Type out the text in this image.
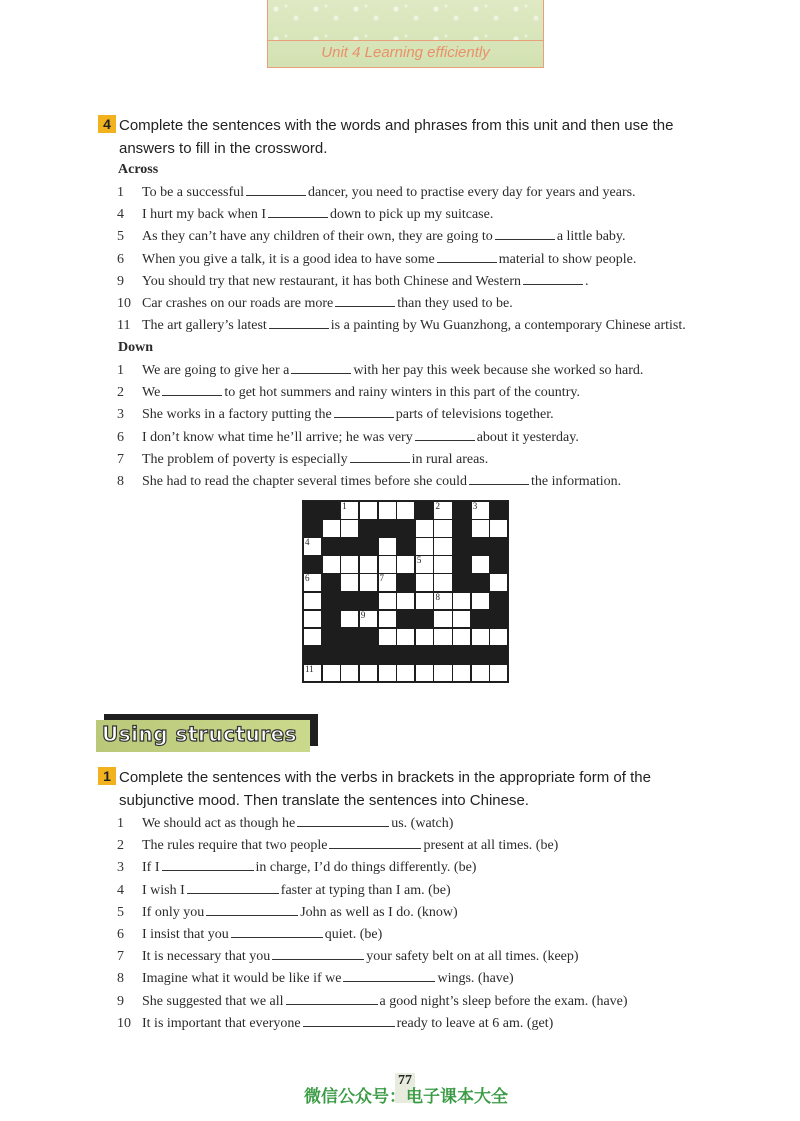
Unit 4 Learning efficiently
4 Complete the sentences with the words and phrases from this unit and then use the
answers to fill in the crossword.
Across
1 To be a successful	dancer, you need to practise every day for years and years.
4 I hurt my back when I	down to pick up my suitcase.
5 As they can’t have any children of their own, they are going to	a little baby.
6 When you give a talk, it is a good idea to have some	material to show people.
9 You should try that new restaurant, it has both Chinese and Western	.
10 Car crashes on our roads are more	than they used to be.
11 The art gallery’s latest	is a painting by Wu Guanzhong, a contemporary Chinese artist.
Down
1 We are going to give her a	with her pay this week because she worked so hard.
2 We	to get hot summers and rainy winters in this part of the country.
3 She works in a factory putting the	parts of televisions together.
6 I don’t know what time he’ll arrive; he was very	about it yesterday.
7 The problem of poverty is especially	in rural areas.
8 She had to read the chapter several times before she could	the information.
1	2	3
4
5
6	7
8
9
11
Using structures
1 Complete the sentences with the verbs in brackets in the appropriate form of the
subjunctive mood. Then translate the sentences into Chinese.
1 We should act as though he	us. (watch)
2 The rules require that two people	present at all times. (be)
3 If I	in charge, I’d do things differently. (be)
4 I wish I	faster at typing than I am. (be)
5 If only you	John as well as I do. (know)
6 I insist that you	quiet. (be)
7 It is necessary that you	your safety belt on at all times. (keep)
8 Imagine what it would be like if we	wings. (have)
9 She suggested that we all	a good night’s sleep before the exam. (have)
10 It is important that everyone	ready to leave at 6 am. (get)
77
微信公众号：电子课本大全
